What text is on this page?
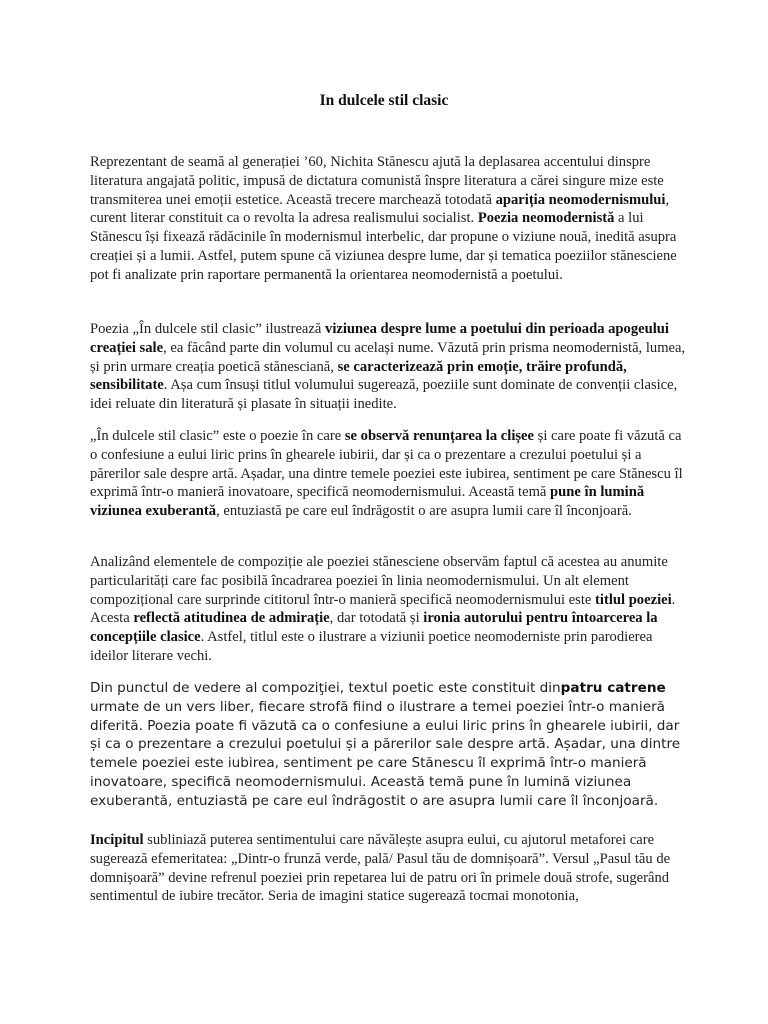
In dulcele stil clasic

Reprezentant de seamă al generației ’60, Nichita Stănescu ajută la deplasarea accentului dinspre literatura angajată politic, impusă de dictatura comunistă înspre literatura a cărei singure mize este transmiterea unei emoții estetice. Această trecere marchează totodată apariția neomodernismului, curent literar constituit ca o revolta la adresa realismului socialist. Poezia neomodernistă a lui Stănescu își fixează rădăcinile în modernismul interbelic, dar propune o viziune nouă, inedită asupra creației și a lumii. Astfel, putem spune că viziunea despre lume, dar și tematica poeziilor stănesciene pot fi analizate prin raportare permanentă la orientarea neomodernistă a poetului.

Poezia „În dulcele stil clasic” ilustrează viziunea despre lume a poetului din perioada apogeului creației sale, ea făcând parte din volumul cu același nume. Văzută prin prisma neomodernistă, lumea, și prin urmare creația poetică stănesciană, se caracterizează prin emoție, trăire profundă, sensibilitate. Așa cum însuși titlul volumului sugerează, poeziile sunt dominate de convenții clasice, idei reluate din literatură și plasate în situații inedite.

„În dulcele stil clasic” este o poezie în care se observă renunțarea la clișee și care poate fi văzută ca o confesiune a eului liric prins în ghearele iubirii, dar și ca o prezentare a crezului poetului și a părerilor sale despre artă. Așadar, una dintre temele poeziei este iubirea, sentiment pe care Stănescu îl exprimă într-o manieră inovatoare, specifică neomodernismului. Această temă pune în lumină viziunea exuberantă, entuziastă pe care eul îndrăgostit o are asupra lumii care îl înconjoară.

Analizând elementele de compoziție ale poeziei stănesciene observăm faptul că acestea au anumite particularități care fac posibilă încadrarea poeziei în linia neomodernismului. Un alt element compozițional care surprinde cititorul într-o manieră specifică neomodernismului este titlul poeziei. Acesta reflectă atitudinea de admirație, dar totodată și ironia autorului pentru întoarcerea la concepțiile clasice. Astfel, titlul este o ilustrare a viziunii poetice neomoderniste prin parodierea ideilor literare vechi.

Din punctul de vedere al compoziţiei, textul poetic este constituit dinpatru catrene urmate de un vers liber, fiecare strofă fiind o ilustrare a temei poeziei într-o manieră diferită. Poezia poate fi văzută ca o confesiune a eului liric prins în ghearele iubirii, dar și ca o prezentare a crezului poetului și a părerilor sale despre artă. Așadar, una dintre temele poeziei este iubirea, sentiment pe care Stănescu îl exprimă într-o manieră inovatoare, specifică neomodernismului. Această temă pune în lumină viziunea exuberantă, entuziastă pe care eul îndrăgostit o are asupra lumii care îl înconjoară.

Incipitul subliniază puterea sentimentului care năvălește asupra eului, cu ajutorul metaforei care sugerează efemeritatea: „Dintr-o frunză verde, pală/ Pasul tău de domnișoară”. Versul „Pasul tău de domnișoară” devine refrenul poeziei prin repetarea lui de patru ori în primele două strofe, sugerând sentimentul de iubire trecător. Seria de imagini statice sugerează tocmai monotonia,
